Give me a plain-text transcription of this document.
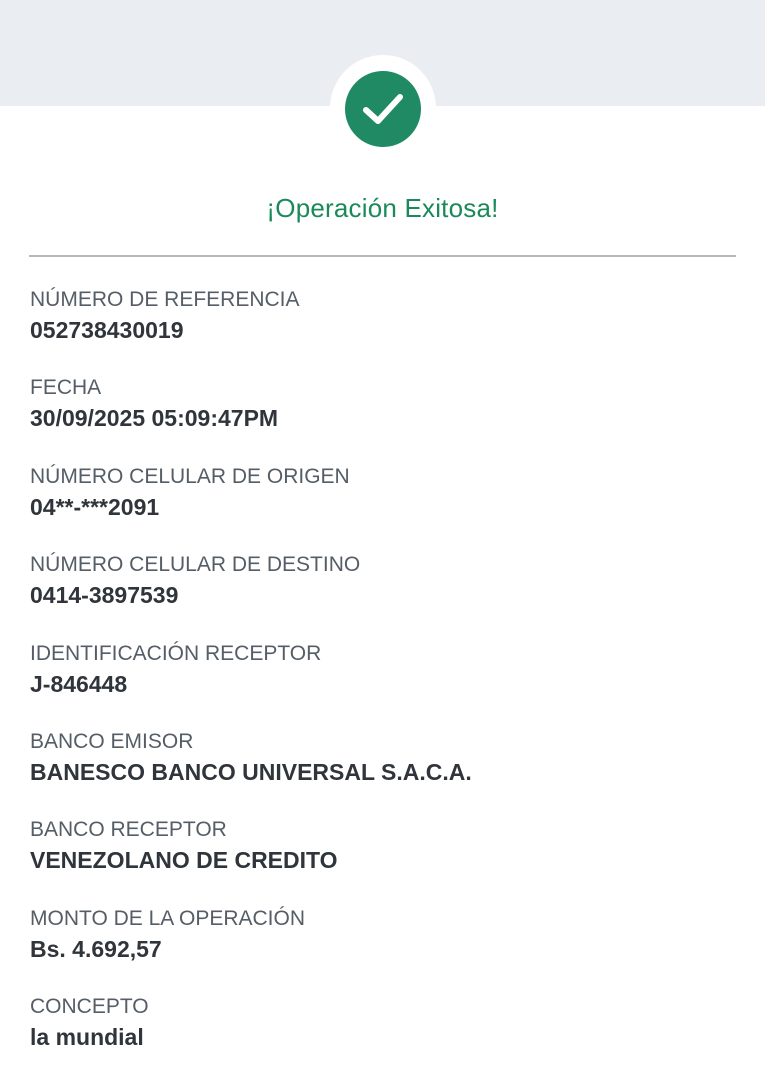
¡Operación Exitosa!
NÚMERO DE REFERENCIA
052738430019
FECHA
30/09/2025 05:09:47PM
NÚMERO CELULAR DE ORIGEN
04**-***2091
NÚMERO CELULAR DE DESTINO
0414-3897539
IDENTIFICACIÓN RECEPTOR
J-846448
BANCO EMISOR
BANESCO BANCO UNIVERSAL S.A.C.A.
BANCO RECEPTOR
VENEZOLANO DE CREDITO
MONTO DE LA OPERACIÓN
Bs. 4.692,57
CONCEPTO
la mundial
